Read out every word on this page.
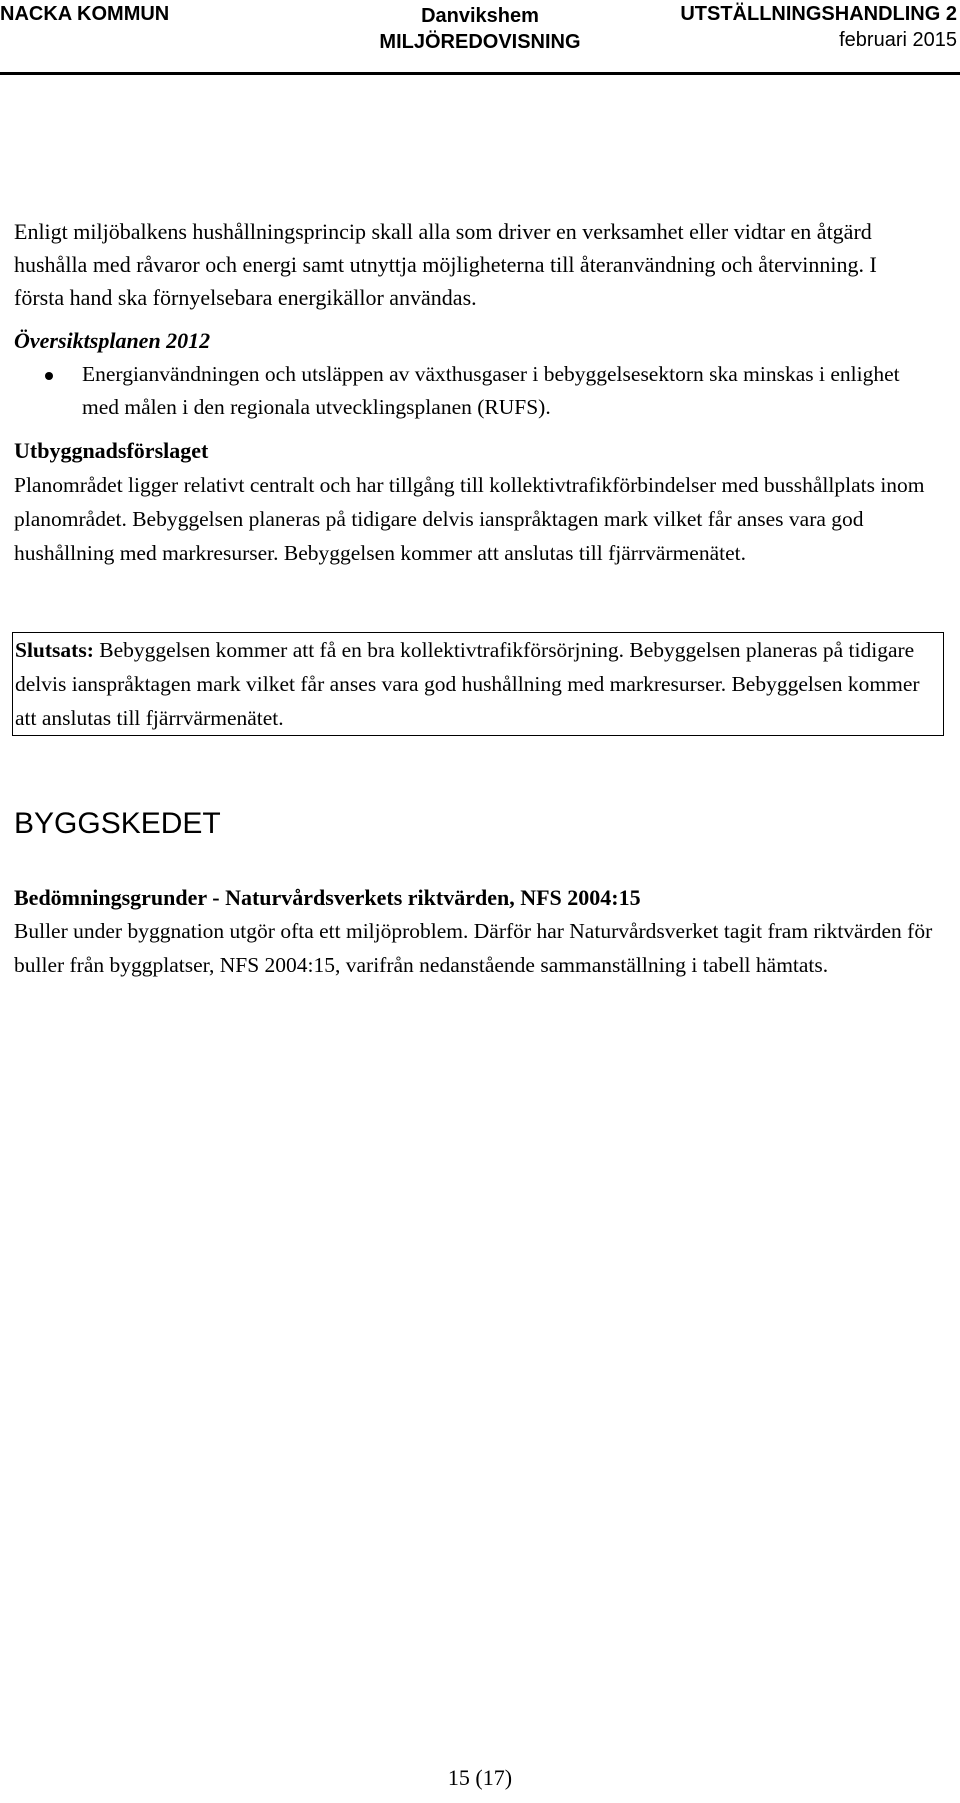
NACKA KOMMUN	Danvikshem
MILJÖREDOVISNING
UTSTÄLLNINGSHANDLING 2
februari 2015

Enligt miljöbalkens hushållningsprincip skall alla som driver en verksamhet eller vidtar en åtgärd hushålla med råvaror och energi samt utnyttja möjligheterna till återanvändning och återvinning. I första hand ska förnyelsebara energikällor användas.

Översiktsplanen 2012
Energianvändningen och utsläppen av växthusgaser i bebyggelsesektorn ska minskas i enlighet med målen i den regionala utvecklingsplanen (RUFS).
Utbyggnadsförslaget

Planområdet ligger relativt centralt och har tillgång till kollektivtrafikförbindelser med busshållplats inom planområdet. Bebyggelsen planeras på tidigare delvis ianspråktagen mark vilket får anses vara god hushållning med markresurser. Bebyggelsen kommer att anslutas till fjärrvärmenätet.

Slutsats: Bebyggelsen kommer att få en bra kollektivtrafikförsörjning. Bebyggelsen planeras på tidigare delvis ianspråktagen mark vilket får anses vara god hushållning med markresurser. Bebyggelsen kommer att anslutas till fjärrvärmenätet.
BYGGSKEDET
Bedömningsgrunder - Naturvårdsverkets riktvärden, NFS 2004:15

Buller under byggnation utgör ofta ett miljöproblem. Därför har Naturvårdsverket tagit fram riktvärden för buller från byggplatser, NFS 2004:15, varifrån nedanstående sammanställning i tabell hämtats.

15 (17)
